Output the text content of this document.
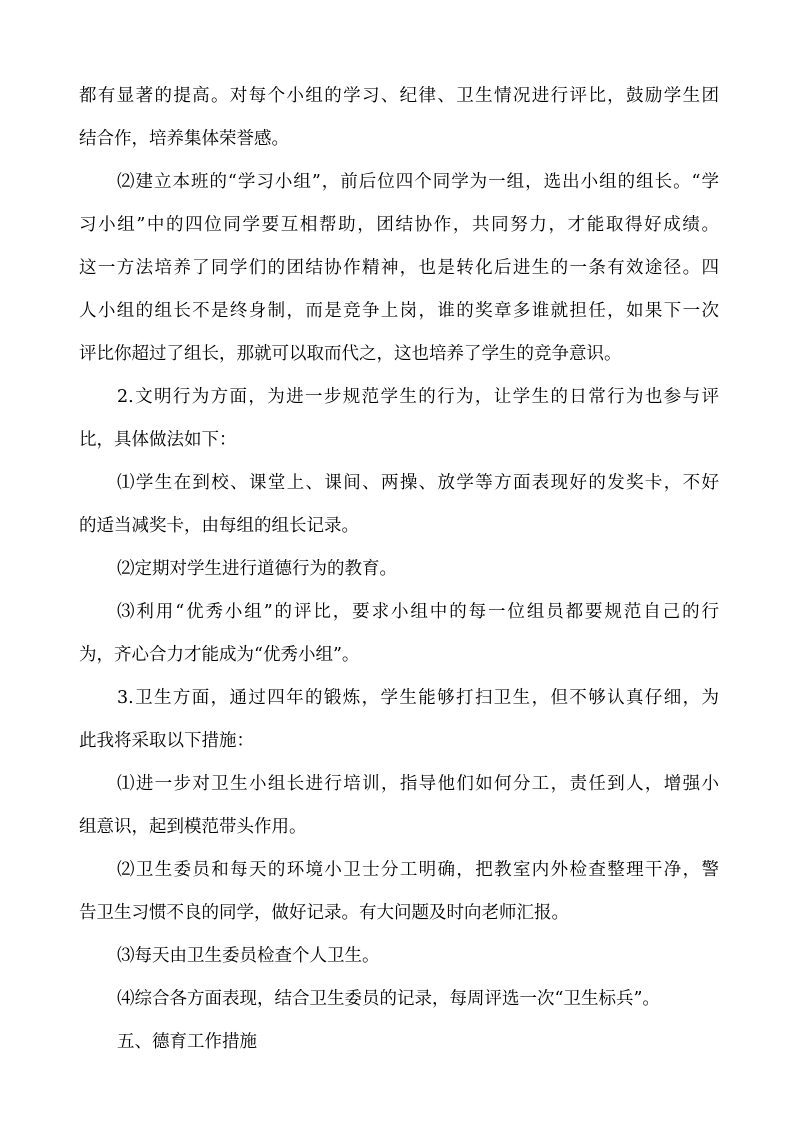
都有显著的提高。对每个小组的学习、纪律、卫生情况进行评比，鼓励学生团
结合作，培养集体荣誉感。
⑵建立本班的“学习小组”，前后位四个同学为一组，选出小组的组长。“学
习小组”中的四位同学要互相帮助，团结协作，共同努力，才能取得好成绩。
这一方法培养了同学们的团结协作精神，也是转化后进生的一条有效途径。四
人小组的组长不是终身制，而是竞争上岗，谁的奖章多谁就担任，如果下一次
评比你超过了组长，那就可以取而代之，这也培养了学生的竞争意识。
2.文明行为方面，为进一步规范学生的行为，让学生的日常行为也参与评
比，具体做法如下：
⑴学生在到校、课堂上、课间、两操、放学等方面表现好的发奖卡，不好
的适当减奖卡，由每组的组长记录。
⑵定期对学生进行道德行为的教育。
⑶利用“优秀小组”的评比，要求小组中的每一位组员都要规范自己的行
为，齐心合力才能成为“优秀小组”。
3.卫生方面，通过四年的锻炼，学生能够打扫卫生，但不够认真仔细，为
此我将采取以下措施：
⑴进一步对卫生小组长进行培训，指导他们如何分工，责任到人，增强小
组意识，起到模范带头作用。
⑵卫生委员和每天的环境小卫士分工明确，把教室内外检查整理干净，警
告卫生习惯不良的同学，做好记录。有大问题及时向老师汇报。
⑶每天由卫生委员检查个人卫生。
⑷综合各方面表现，结合卫生委员的记录，每周评选一次“卫生标兵”。
五、德育工作措施
